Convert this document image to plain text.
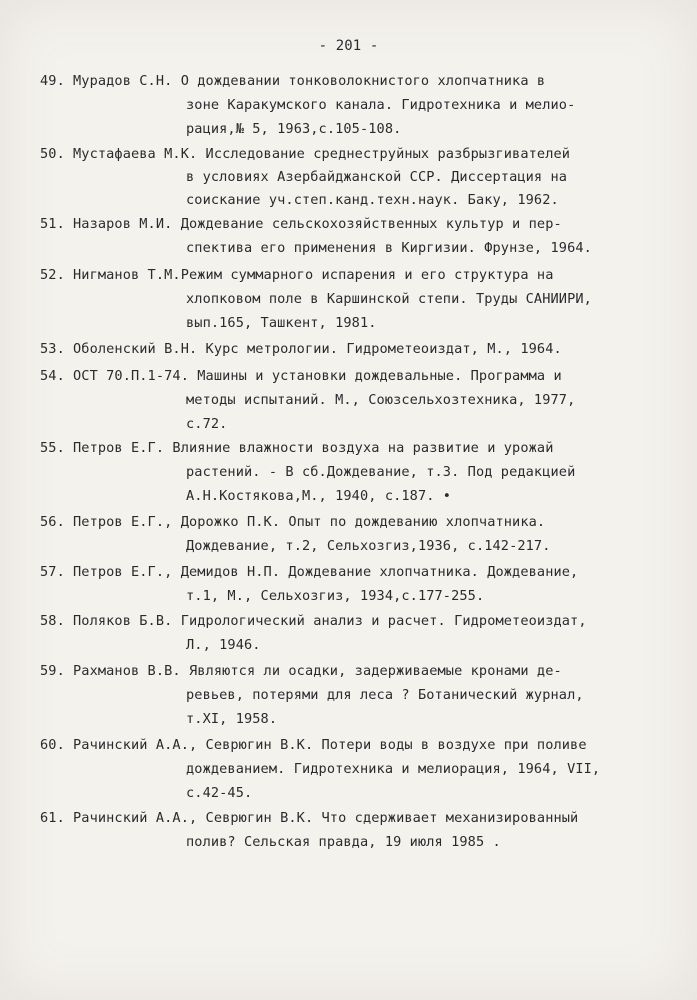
- 201 -
49. Мурадов С.Н. О дождевании тонковолокнистого хлопчатника в
зоне Каракумского канала. Гидротехника и мелио-
рация,№ 5, 1963,с.105-108.
50. Мустафаева М.К. Исследование среднеструйных разбрызгивателей
в условиях Азербайджанской ССР. Диссертация на
соискание уч.степ.канд.техн.наук. Баку, 1962.
51. Назаров М.И. Дождевание сельскохозяйственных культур и пер-
спектива его применения в Киргизии. Фрунзе, 1964.
52. Нигманов Т.М.Режим суммарного испарения и его структура на
хлопковом поле в Каршинской степи. Труды САНИИРИ,
вып.165, Ташкент, 1981.
53. Оболенский В.Н. Курс метрологии. Гидрометеоиздат, М., 1964.
54. ОСТ 70.П.1-74. Машины и установки дождевальные. Программа и
методы испытаний. М., Союзсельхозтехника, 1977,
с.72.
55. Петров Е.Г. Влияние влажности воздуха на развитие и урожай
растений. - В сб.Дождевание, т.3. Под редакцией
А.Н.Костякова,М., 1940, с.187. •
56. Петров Е.Г., Дорожко П.К. Опыт по дождеванию хлопчатника.
Дождевание, т.2, Сельхозгиз,1936, с.142-217.
57. Петров Е.Г., Демидов Н.П. Дождевание хлопчатника. Дождевание,
т.1, М., Сельхозгиз, 1934,с.177-255.
58. Поляков Б.В. Гидрологический анализ и расчет. Гидрометеоиздат,
Л., 1946.
59. Рахманов В.В. Являются ли осадки, задерживаемые кронами де-
ревьев, потерями для леса ? Ботанический журнал,
т.XI, 1958.
60. Рачинский А.А., Севрюгин В.К. Потери воды в воздухе при поливе
дождеванием. Гидротехника и мелиорация, 1964, VII,
с.42-45.
61. Рачинский А.А., Севрюгин В.К. Что сдерживает механизированный
полив? Сельская правда, 19 июля 1985 .
